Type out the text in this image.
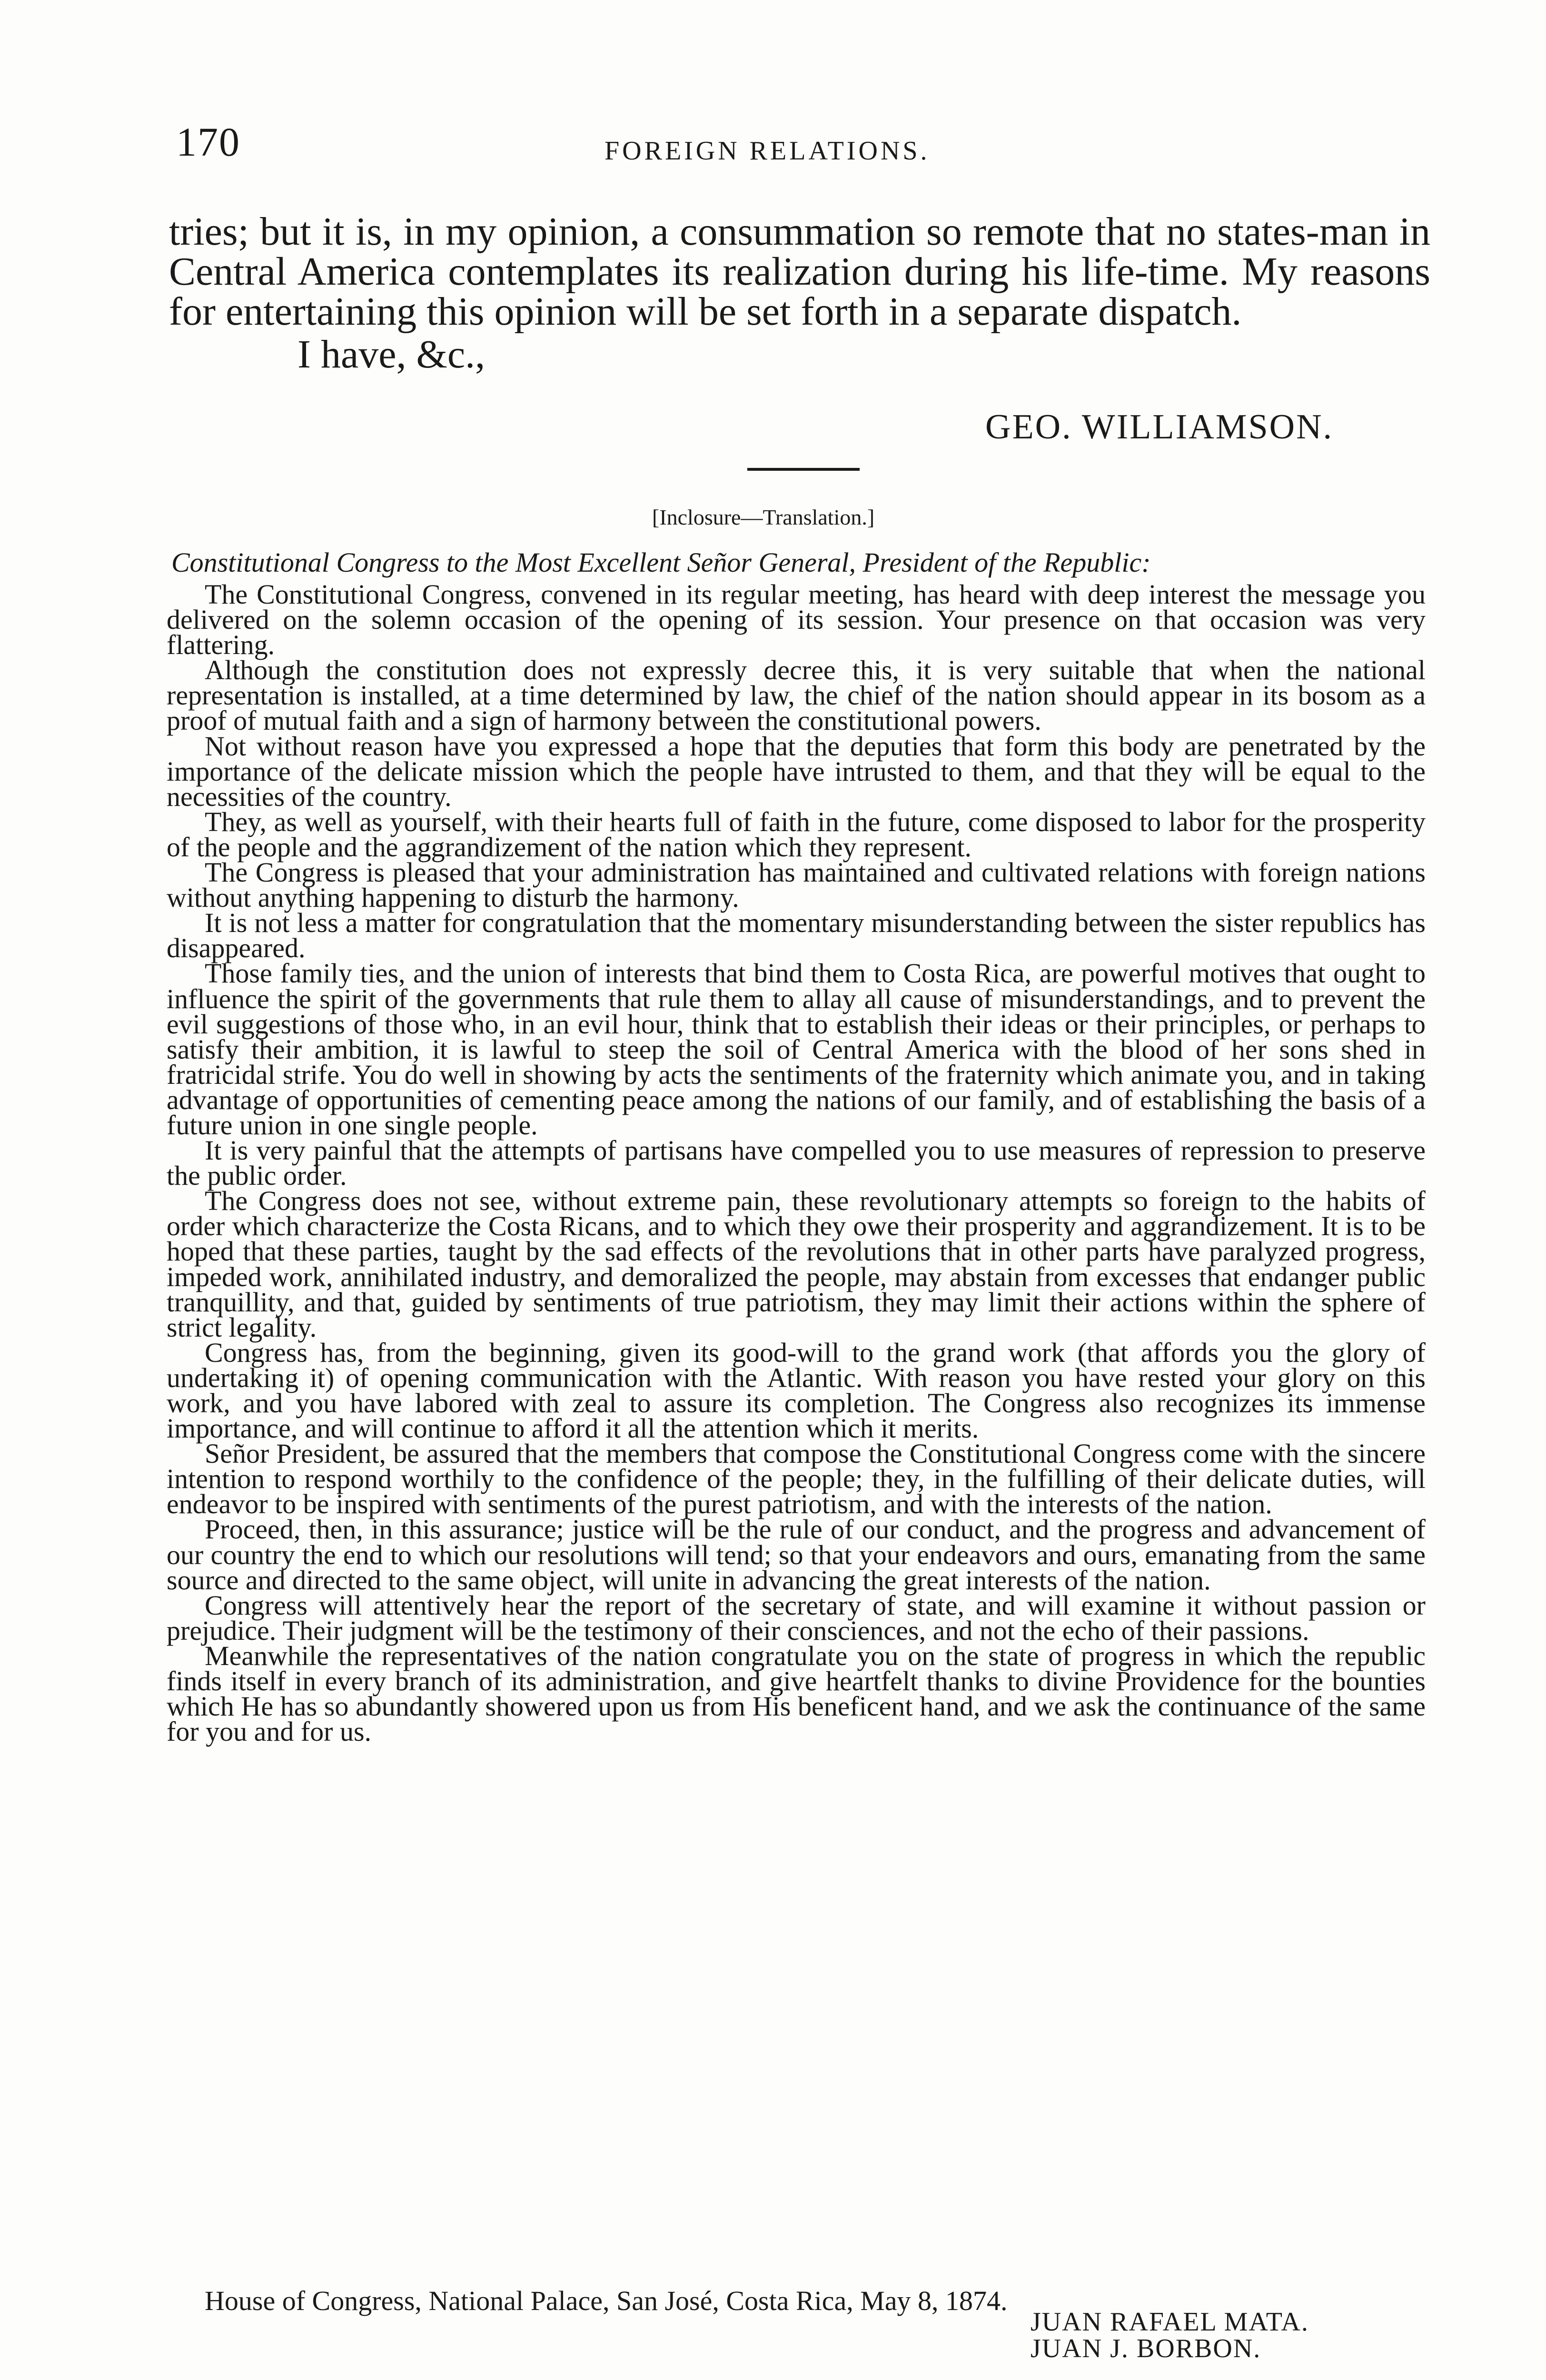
170	FOREIGN RELATIONS.

tries; but it is, in my opinion, a consummation so remote that no states-man in Central America contemplates its realization during his life-time. My reasons for entertaining this opinion will be set forth in a separate dispatch.

I have, &c.,

GEO. WILLIAMSON.
[Inclosure—Translation.]
Constitutional Congress to the Most Excellent Señor General, President of the Republic:

The Constitutional Congress, convened in its regular meeting, has heard with deep interest the message you delivered on the solemn occasion of the opening of its session. Your presence on that occasion was very flattering.

Although the constitution does not expressly decree this, it is very suitable that when the national representation is installed, at a time determined by law, the chief of the nation should appear in its bosom as a proof of mutual faith and a sign of harmony between the constitutional powers.

Not without reason have you expressed a hope that the deputies that form this body are penetrated by the importance of the delicate mission which the people have intrusted to them, and that they will be equal to the necessities of the country.

They, as well as yourself, with their hearts full of faith in the future, come disposed to labor for the prosperity of the people and the aggrandizement of the nation which they represent.

The Congress is pleased that your administration has maintained and cultivated relations with foreign nations without anything happening to disturb the harmony.

It is not less a matter for congratulation that the momentary misunderstanding between the sister republics has disappeared.

Those family ties, and the union of interests that bind them to Costa Rica, are powerful motives that ought to influence the spirit of the governments that rule them to allay all cause of misunderstandings, and to prevent the evil suggestions of those who, in an evil hour, think that to establish their ideas or their principles, or perhaps to satisfy their ambition, it is lawful to steep the soil of Central America with the blood of her sons shed in fratricidal strife. You do well in showing by acts the sentiments of the fraternity which animate you, and in taking advantage of opportunities of cementing peace among the nations of our family, and of establishing the basis of a future union in one single people.

It is very painful that the attempts of partisans have compelled you to use measures of repression to preserve the public order.

The Congress does not see, without extreme pain, these revolutionary attempts so foreign to the habits of order which characterize the Costa Ricans, and to which they owe their prosperity and aggrandizement. It is to be hoped that these parties, taught by the sad effects of the revolutions that in other parts have paralyzed progress, impeded work, annihilated industry, and demoralized the people, may abstain from excesses that endanger public tranquillity, and that, guided by sentiments of true patriotism, they may limit their actions within the sphere of strict legality.

Congress has, from the beginning, given its good-will to the grand work (that affords you the glory of undertaking it) of opening communication with the Atlantic. With reason you have rested your glory on this work, and you have labored with zeal to assure its completion. The Congress also recognizes its immense importance, and will continue to afford it all the attention which it merits.

Señor President, be assured that the members that compose the Constitutional Congress come with the sincere intention to respond worthily to the confidence of the people; they, in the fulfilling of their delicate duties, will endeavor to be inspired with sentiments of the purest patriotism, and with the interests of the nation.

Proceed, then, in this assurance; justice will be the rule of our conduct, and the progress and advancement of our country the end to which our resolutions will tend; so that your endeavors and ours, emanating from the same source and directed to the same object, will unite in advancing the great interests of the nation.

Congress will attentively hear the report of the secretary of state, and will examine it without passion or prejudice. Their judgment will be the testimony of their consciences, and not the echo of their passions.

Meanwhile the representatives of the nation congratulate you on the state of progress in which the republic finds itself in every branch of its administration, and give heartfelt thanks to divine Providence for the bounties which He has so abundantly showered upon us from His beneficent hand, and we ask the continuance of the same for you and for us.

House of Congress, National Palace, San José, Costa Rica, May 8, 1874.
JUAN RAFAEL MATA.
JUAN J. BORBON.
